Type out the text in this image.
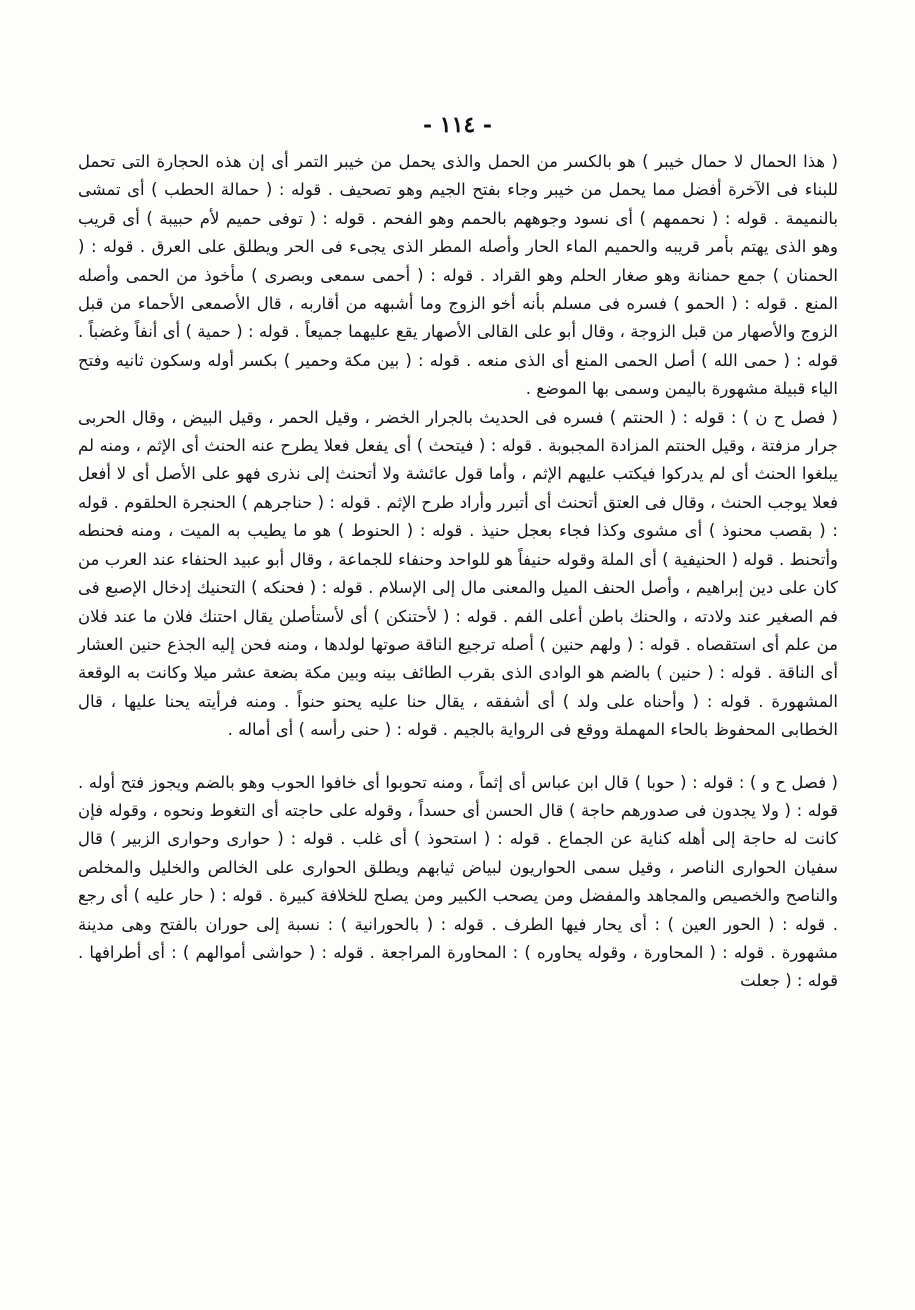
- ١١٤ -

( هذا الحمال لا حمال خيبر ) هو بالكسر من الحمل والذى يحمل من خيبر التمر أى إن هذه الحجارة التى تحمل للبناء فى الآخرة أفضل مما يحمل من خيبر وجاء بفتح الجيم وهو تصحيف . قوله : ( حمالة الحطب ) أى تمشى بالنميمة . قوله : ( نحممهم ) أى نسود وجوههم بالحمم وهو الفحم . قوله : ( توفى حميم لأم حبيبة ) أى قريب وهو الذى يهتم بأمر قريبه والحميم الماء الحار وأصله المطر الذى يجىء فى الحر ويطلق على العرق . قوله : ( الحمنان ) جمع حمنانة وهو صغار الحلم وهو القراد . قوله : ( أحمى سمعى وبصرى ) مأخوذ من الحمى وأصله المنع . قوله : ( الحمو ) فسره فى مسلم بأنه أخو الزوج وما أشبهه من أقاربه ، قال الأصمعى الأحماء من قبل الزوج والأصهار من قبل الزوجة ، وقال أبو على القالى الأصهار يقع عليهما جميعاً . قوله : ( حمية ) أى أنفاً وغضباً . قوله : ( حمى الله ) أصل الحمى المنع أى الذى منعه . قوله : ( بين مكة وحمير ) بكسر أوله وسكون ثانيه وفتح الياء قبيلة مشهورة باليمن وسمى بها الموضع .

( فصل ح ن ) : قوله : ( الحنتم ) فسره فى الحديث بالجرار الخضر ، وقيل الحمر ، وقيل البيض ، وقال الحربى جرار مزفتة ، وقيل الحنتم المزادة المجبوبة . قوله : ( فيتحث ) أى يفعل فعلا يطرح عنه الحنث أى الإثم ، ومنه لم يبلغوا الحنث أى لم يدركوا فيكتب عليهم الإثم ، وأما قول عائشة ولا أتحنث إلى نذرى فهو على الأصل أى لا أفعل فعلا يوجب الحنث ، وقال فى العتق أتحنث أى أتبرر وأراد طرح الإثم . قوله : ( حناجرهم ) الحنجرة الحلقوم . قوله : ( بقصب محنوذ ) أى مشوى وكذا فجاء بعجل حنيذ . قوله : ( الحنوط ) هو ما يطيب به الميت ، ومنه فحنطه وأتحنط . قوله ( الحنيفية ) أى الملة وقوله حنيفاً هو للواحد وحنفاء للجماعة ، وقال أبو عبيد الحنفاء عند العرب من كان على دين إبراهيم ، وأصل الحنف الميل والمعنى مال إلى الإسلام . قوله : ( فحنكه ) التحنيك إدخال الإصبع فى فم الصغير عند ولادته ، والحنك باطن أعلى الفم . قوله : ( لأحتنكن ) أى لأستأصلن يقال احتنك فلان ما عند فلان من علم أى استقصاه . قوله : ( ولهم حنين ) أصله ترجيع الناقة صوتها لولدها ، ومنه فحن إليه الجذع حنين العشار أى الناقة . قوله : ( حنين ) بالضم هو الوادى الذى بقرب الطائف بينه وبين مكة بضعة عشر ميلا وكانت به الوقعة المشهورة . قوله : ( وأحناه على ولد ) أى أشفقه ، يقال حنا عليه يحنو حنواً . ومنه فرأيته يحنا عليها ، قال الخطابى المحفوظ بالحاء المهملة ووقع فى الرواية بالجيم . قوله : ( حنى رأسه ) أى أماله .

( فصل ح و ) : قوله : ( حوبا ) قال ابن عباس أى إثماً ، ومنه تحوبوا أى خافوا الحوب وهو بالضم ويجوز فتح أوله . قوله : ( ولا يجدون فى صدورهم حاجة ) قال الحسن أى حسداً ، وقوله على حاجته أى التغوط ونحوه ، وقوله فإن كانت له حاجة إلى أهله كناية عن الجماع . قوله : ( استحوذ ) أى غلب . قوله : ( حوارى وحوارى الزبير ) قال سفيان الحوارى الناصر ، وقيل سمى الحواريون لبياض ثيابهم ويطلق الحوارى على الخالص والخليل والمخلص والناصح والخصيص والمجاهد والمفضل ومن يصحب الكبير ومن يصلح للخلافة كبيرة . قوله : ( حار عليه ) أى رجع . قوله : ( الحور العين ) : أى يحار فيها الطرف . قوله : ( بالحورانية ) : نسبة إلى حوران بالفتح وهى مدينة مشهورة . قوله : ( المحاورة ، وقوله يحاوره ) : المحاورة المراجعة . قوله : ( حواشى أموالهم ) : أى أطرافها . قوله : ( جعلت
